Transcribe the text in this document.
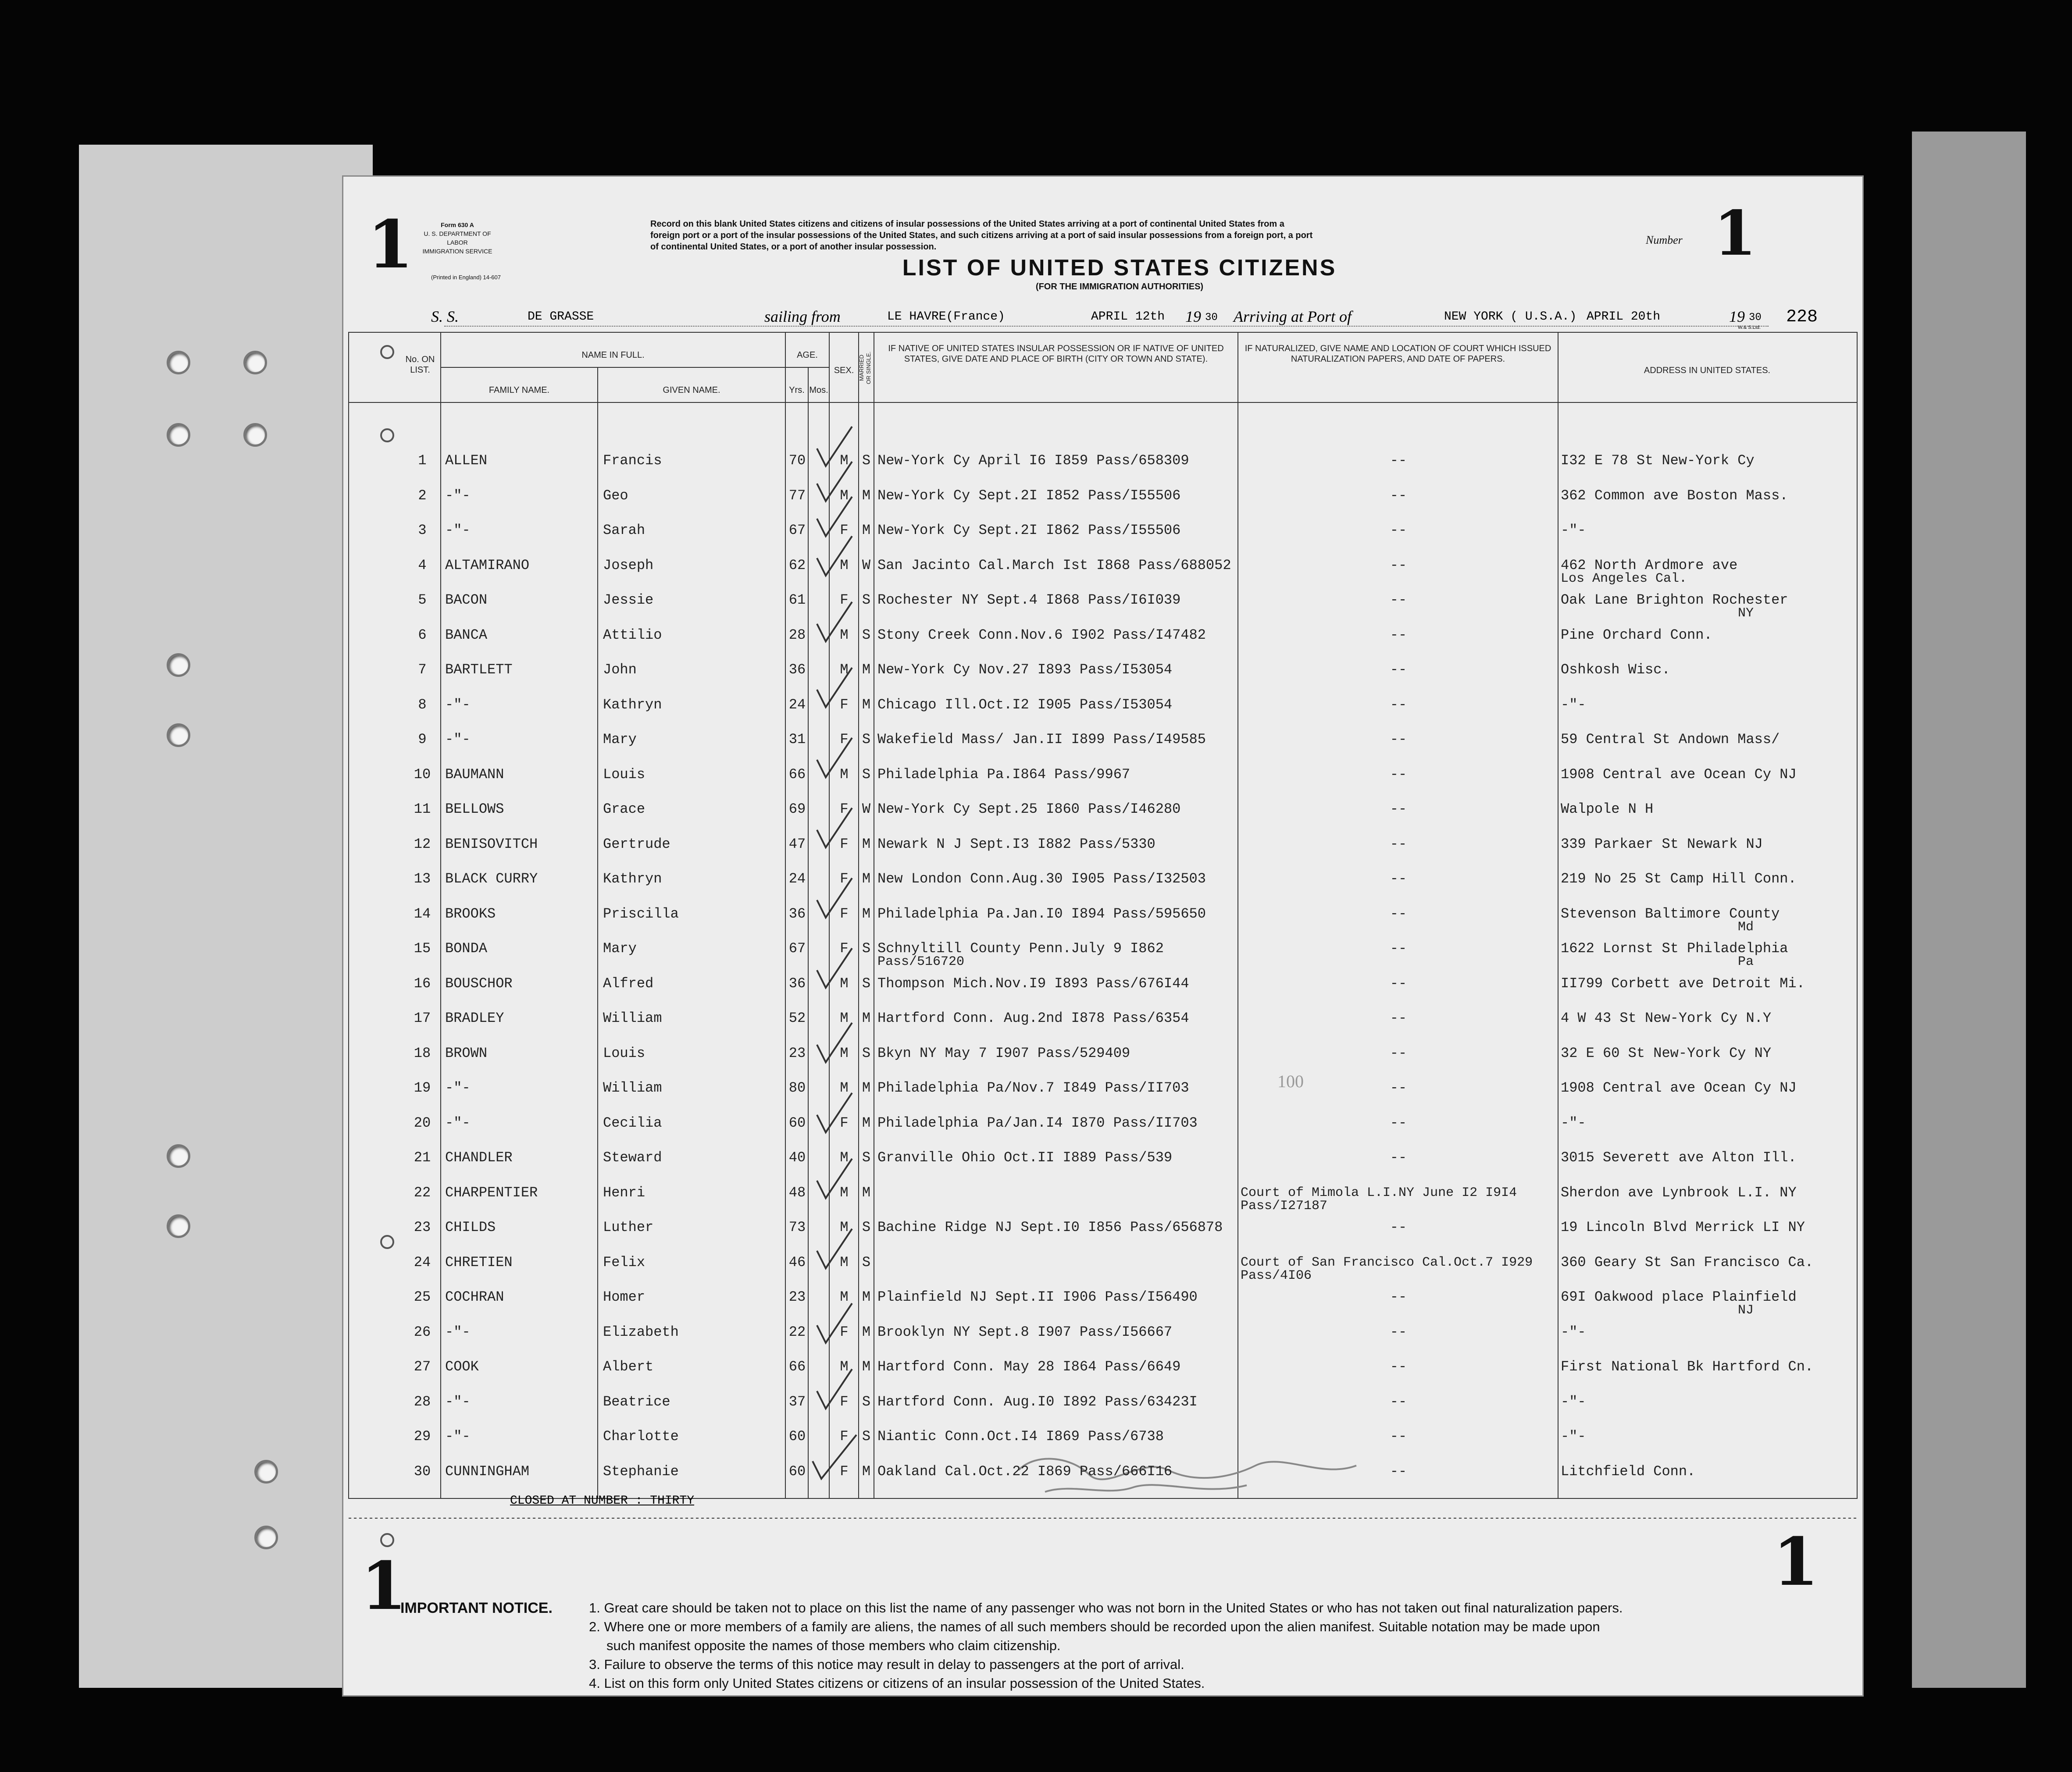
1	Form 630 A
U. S. DEPARTMENT OF LABOR
IMMIGRATION SERVICE
(Printed in England) 14-607
Record on this blank United States citizens and citizens of insular possessions of the United States arriving at a port of continental United States from a
foreign port or a port of the insular possessions of the United States, and such citizens arriving at a port of said insular possessions from a foreign port, a port
of continental United States, or a port of another insular possession.
LIST OF UNITED STATES CITIZENS
(FOR THE IMMIGRATION AUTHORITIES)
Number 1
S. S.	DE GRASSE	sailing from	LE HAVRE(France)	APRIL 12th 19 30 Arriving at Port of	NEW YORK ( U.S.A.) APRIL 20th	19 30 228
W.& S.Ltd.
No. ON LIST.
NAME IN FULL.
FAMILY NAME.	GIVEN NAME.
AGE.
Yrs. Mos.
SEX. MARRIED OR SINGLE.
IF NATIVE OF UNITED STATES INSULAR POSSESSION OR IF NATIVE OF UNITED STATES, GIVE DATE AND PLACE OF BIRTH (CITY OR TOWN AND STATE).
IF NATURALIZED, GIVE NAME AND LOCATION OF COURT WHICH ISSUED NATURALIZATION PAPERS, AND DATE OF PAPERS.
ADDRESS IN UNITED STATES.
1	ALLEN	Francis	70	M S New-York Cy April I6 I859 Pass/658309	--	I32 E 78 St New-York Cy
2	-"-	Geo	77	M M New-York Cy Sept.2I I852 Pass/I55506	--	362 Common ave Boston Mass.
3	-"-	Sarah	67	F M New-York Cy Sept.2I I862 Pass/I55506	--	-"-
4	ALTAMIRANO	Joseph	62	M W San Jacinto Cal.March Ist I868 Pass/688052	--	462 North Ardmore ave
Los Angeles Cal.
5	BACON	Jessie	61	F S Rochester NY Sept.4 I868 Pass/I6I039	--	Oak Lane Brighton Rochester
NY
6	BANCA	Attilio	28	M S Stony Creek Conn.Nov.6 I902 Pass/I47482	--	Pine Orchard Conn.
7	BARTLETT	John	36	M M New-York Cy Nov.27 I893 Pass/I53054	--	Oshkosh Wisc.
8	-"-	Kathryn	24	F M Chicago Ill.Oct.I2 I905 Pass/I53054	--	-"-
9	-"-	Mary	31	F S Wakefield Mass/ Jan.II I899 Pass/I49585	--	59 Central St Andown Mass/
10	BAUMANN	Louis	66	M S Philadelphia Pa.I864 Pass/9967	--	1908 Central ave Ocean Cy NJ
11	BELLOWS	Grace	69	F W New-York Cy Sept.25 I860 Pass/I46280	--	Walpole N H
12	BENISOVITCH	Gertrude	47	F M Newark N J Sept.I3 I882 Pass/5330	--	339 Parkaer St Newark NJ
13	BLACK CURRY	Kathryn	24	F M New London Conn.Aug.30 I905 Pass/I32503	--	219 No 25 St Camp Hill Conn.
14	BROOKS	Priscilla	36	F M Philadelphia Pa.Jan.I0 I894 Pass/595650	--	Stevenson Baltimore County
Md
15	BONDA	Mary	67	F S Schnyltill County Penn.July 9 I862	--	1622 Lornst St Philadelphia
Pass/516720	Pa
16	BOUSCHOR	Alfred	36	M S Thompson Mich.Nov.I9 I893 Pass/676I44	--	II799 Corbett ave Detroit Mi.
17	BRADLEY	William	52	M M Hartford Conn. Aug.2nd I878 Pass/6354	--	4 W 43 St New-York Cy N.Y
18	BROWN	Louis	23	M S Bkyn NY May 7 I907 Pass/529409	--	32 E 60 St New-York Cy NY
19	-"-	William	80	M M Philadelphia Pa/Nov.7 I849 Pass/II703	--	1908 Central ave Ocean Cy NJ
20	-"-	Cecilia	60	F M Philadelphia Pa/Jan.I4 I870 Pass/II703	--	-"-
21	CHANDLER	Steward	40	M S Granville Ohio Oct.II I889 Pass/539	--	3015 Severett ave Alton Ill.
22	CHARPENTIER	Henri	48	M M	Court of Mimola L.I.NY June I2 I9I4	Sherdon ave Lynbrook L.I. NY
Pass/I27187
23	CHILDS	Luther	73	M S Bachine Ridge NJ Sept.I0 I856 Pass/656878	--	19 Lincoln Blvd Merrick LI NY
24	CHRETIEN	Felix	46	M S	Court of San Francisco Cal.Oct.7 I929	360 Geary St San Francisco Ca.
Pass/4I06
25	COCHRAN	Homer	23	M M Plainfield NJ Sept.II I906 Pass/I56490	--	69I Oakwood place Plainfield
NJ
26	-"-	Elizabeth	22	F M Brooklyn NY Sept.8 I907 Pass/I56667	--	-"-
27	COOK	Albert	66	M M Hartford Conn. May 28 I864 Pass/6649	--	First National Bk Hartford Cn.
28	-"-	Beatrice	37	F S Hartford Conn. Aug.I0 I892 Pass/63423I	--	-"-
29	-"-	Charlotte	60	F S Niantic Conn.Oct.I4 I869 Pass/6738	--	-"-
30	CUNNINGHAM	Stephanie	60	F M Oakland Cal.Oct.22 I869 Pass/666I16	--	Litchfield Conn.
CLOSED AT NUMBER : THIRTY
100
1	1
IMPORTANT NOTICE.	1. Great care should be taken not to place on this list the name of any passenger who was not born in the United States or who has not taken out final naturalization papers.
2. Where one or more members of a family are aliens, the names of all such members should be recorded upon the alien manifest. Suitable notation may be made upon
such manifest opposite the names of those members who claim citizenship.
3. Failure to observe the terms of this notice may result in delay to passengers at the port of arrival.
4. List on this form only United States citizens or citizens of an insular possession of the United States.
